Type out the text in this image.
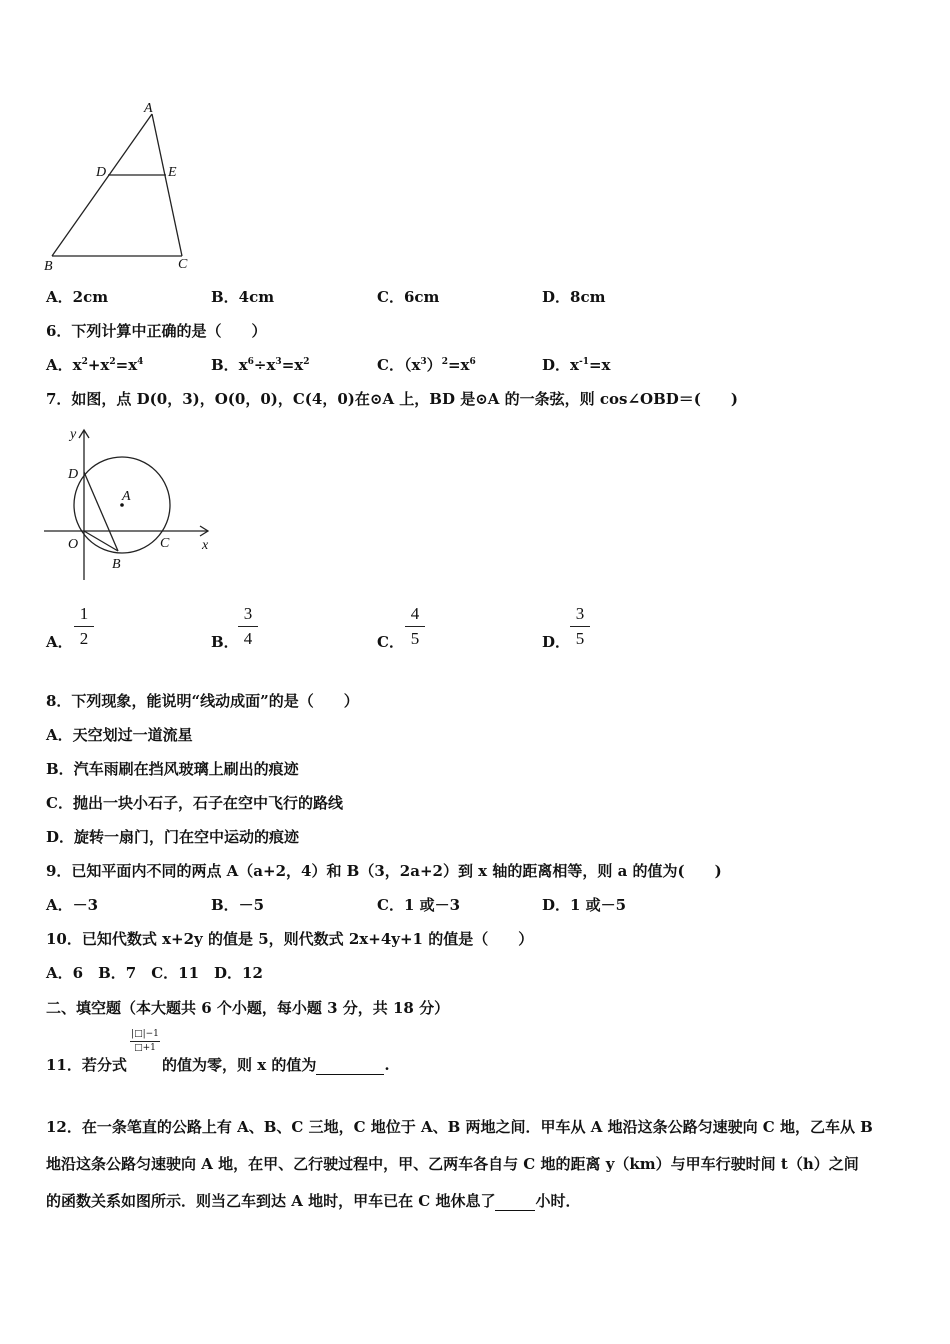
A
D	E
B	C
A．2cm	B．4cm	C．6cm	D．8cm
6．下列计算中正确的是（　　）
A．$x^2+x^2=x^4$	B．$x^6\div x^3=x^2$	C．$(x^3)^2=x^6$	D．$x^{-1}=x$
7．如图，点 D(0，3)，O(0，0)，C(4，0)在⊙A 上，BD 是⊙A 的一条弦，则 cos∠OBD＝(　　)
y
x
D
A
O	C
B
A．
1
2	B．
3
4	C．
4
5	D．
3
5
8．下列现象，能说明“线动成面”的是（　　）
A．天空划过一道流星
B．汽车雨刷在挡风玻璃上刷出的痕迹
C．抛出一块小石子，石子在空中飞行的路线
D．旋转一扇门，门在空中运动的痕迹
9．已知平面内不同的两点 A（a+2，4）和 B（3，2a+2）到 x 轴的距离相等，则 a 的值为(　　)
A．－3	B．－5	C．1 或－3	D．1 或－5
10．已知代数式 x+2y 的值是 5，则代数式 2x+4y+1 的值是（　　）
A．6　B．7　C．11　D．12
二、填空题（本大题共 6 个小题，每小题 3 分，共 18 分）
11．若分式
|□|−1
□+1
的值为零，则 x 的值为	.
12．在一条笔直的公路上有 A、B、C 三地，C 地位于 A、B 两地之间．甲车从 A 地沿这条公路匀速驶向 C 地，乙车从 B
地沿这条公路匀速驶向 A 地，在甲、乙行驶过程中，甲、乙两车各自与 C 地的距离 y（km）与甲车行驶时间 t（h）之间
的函数关系如图所示．则当乙车到达 A 地时，甲车已在 C 地休息了	小时．
